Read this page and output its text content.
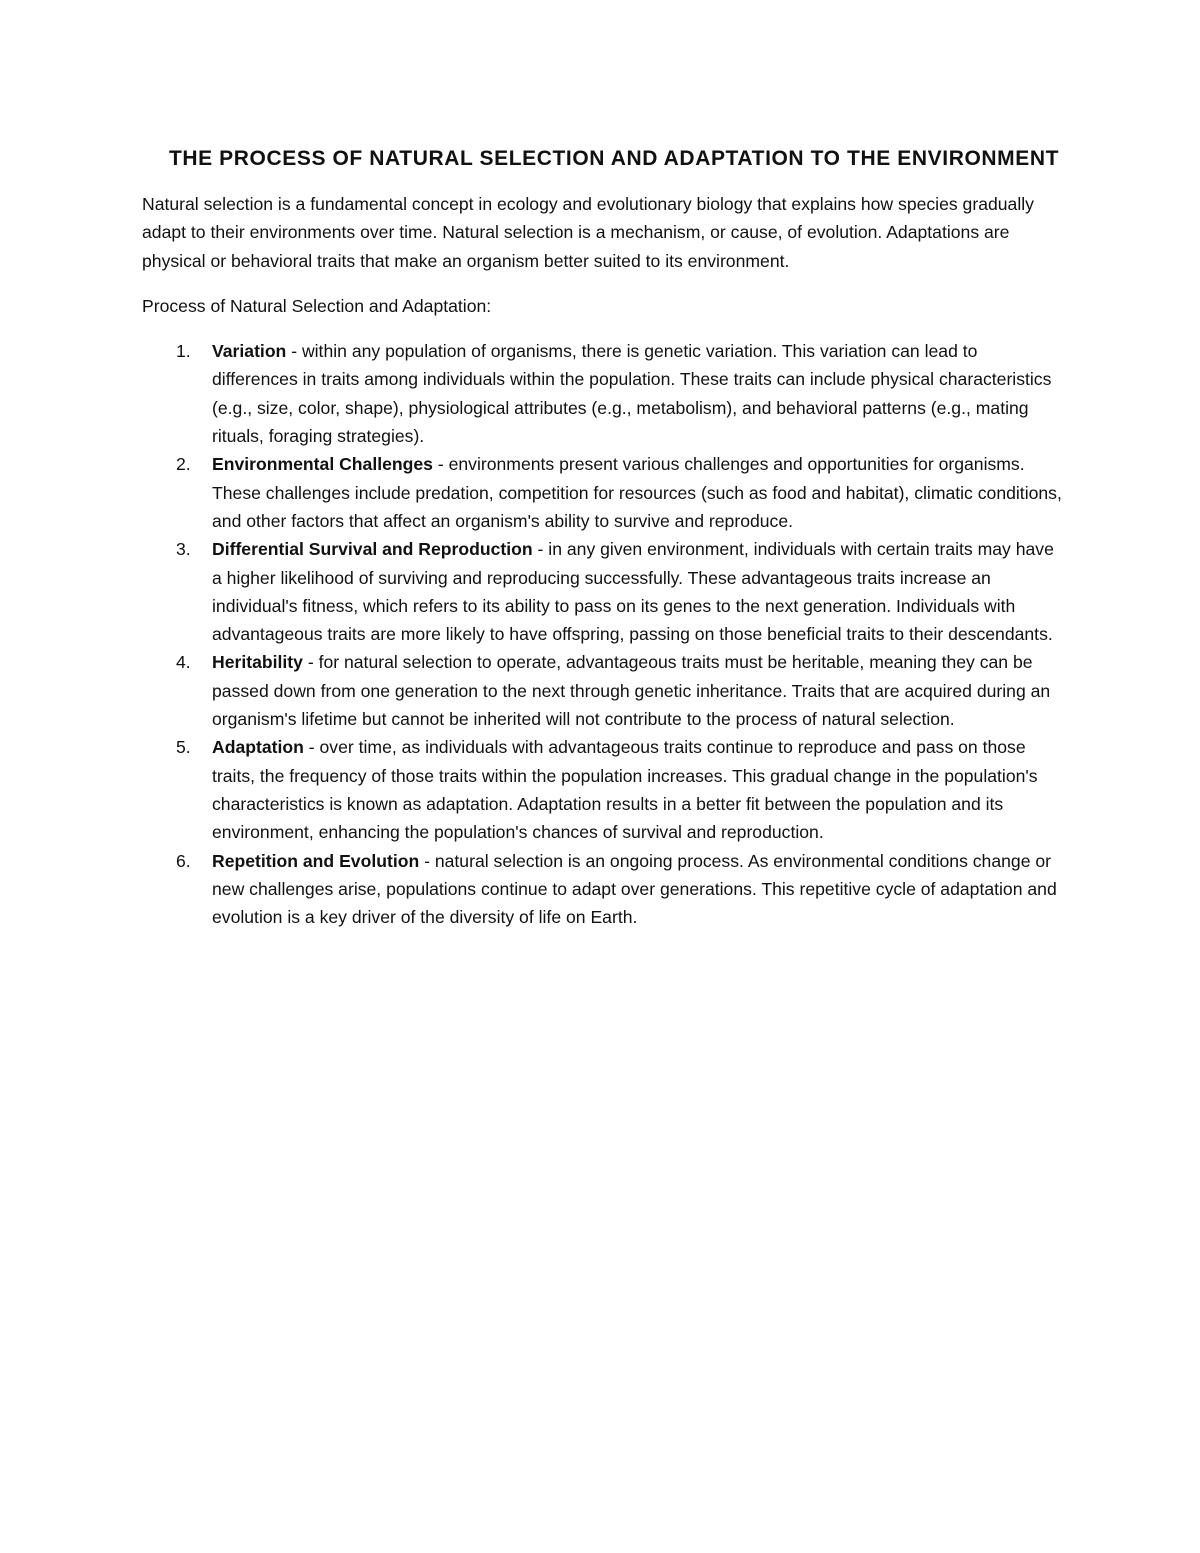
THE PROCESS OF NATURAL SELECTION AND ADAPTATION TO THE ENVIRONMENT

Natural selection is a fundamental concept in ecology and evolutionary biology that explains how species gradually adapt to their environments over time. Natural selection is a mechanism, or cause, of evolution. Adaptations are physical or behavioral traits that make an organism better suited to its environment.

Process of Natural Selection and Adaptation:

1. Variation - within any population of organisms, there is genetic variation. This variation can lead to differences in traits among individuals within the population. These traits can include physical characteristics (e.g., size, color, shape), physiological attributes (e.g., metabolism), and behavioral patterns (e.g., mating rituals, foraging strategies).
2. Environmental Challenges - environments present various challenges and opportunities for organisms. These challenges include predation, competition for resources (such as food and habitat), climatic conditions, and other factors that affect an organism's ability to survive and reproduce.
3. Differential Survival and Reproduction - in any given environment, individuals with certain traits may have a higher likelihood of surviving and reproducing successfully. These advantageous traits increase an individual's fitness, which refers to its ability to pass on its genes to the next generation. Individuals with advantageous traits are more likely to have offspring, passing on those beneficial traits to their descendants.
4. Heritability - for natural selection to operate, advantageous traits must be heritable, meaning they can be passed down from one generation to the next through genetic inheritance. Traits that are acquired during an organism's lifetime but cannot be inherited will not contribute to the process of natural selection.
5. Adaptation - over time, as individuals with advantageous traits continue to reproduce and pass on those traits, the frequency of those traits within the population increases. This gradual change in the population's characteristics is known as adaptation. Adaptation results in a better fit between the population and its environment, enhancing the population's chances of survival and reproduction.
6. Repetition and Evolution - natural selection is an ongoing process. As environmental conditions change or new challenges arise, populations continue to adapt over generations. This repetitive cycle of adaptation and evolution is a key driver of the diversity of life on Earth.
